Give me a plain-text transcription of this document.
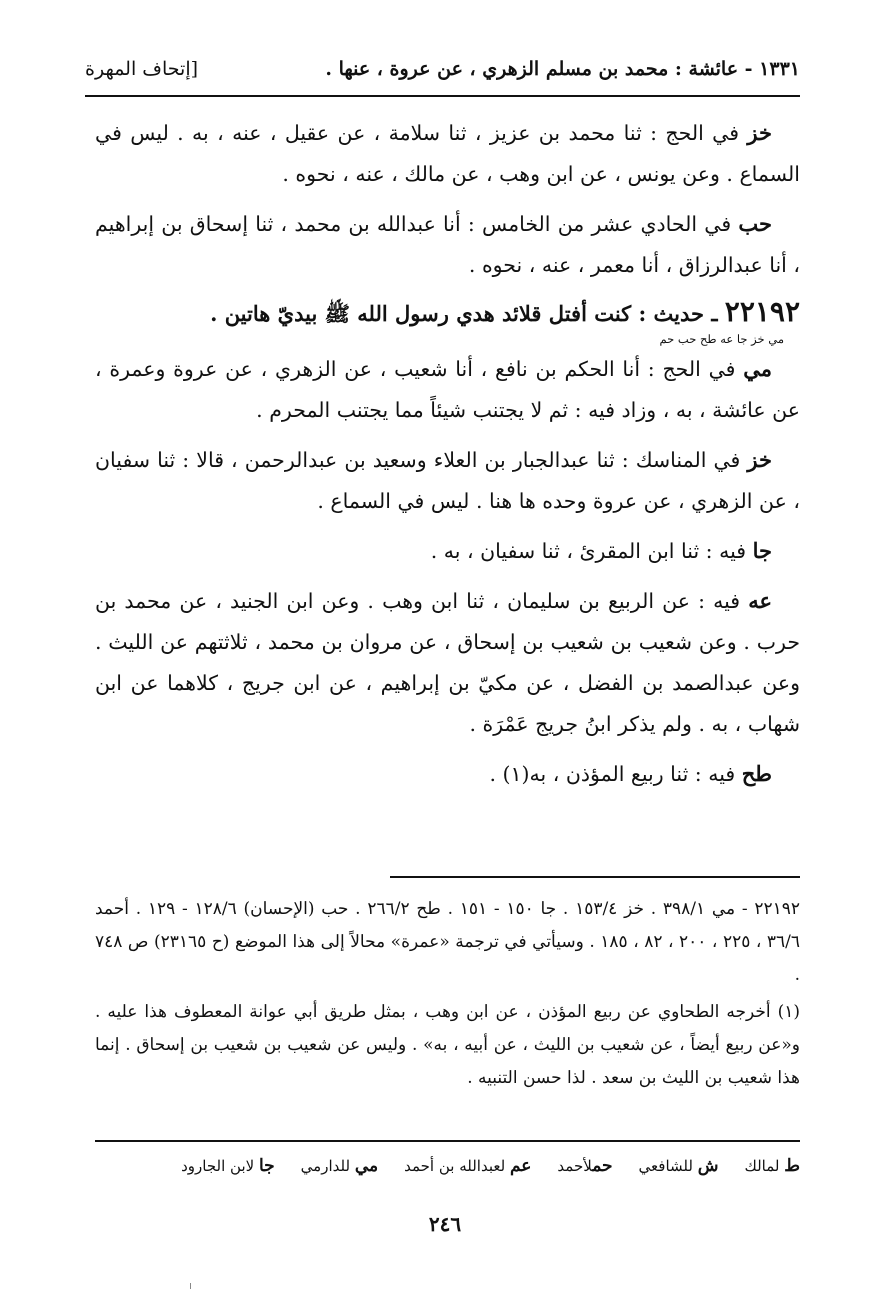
١٣٣١ - عائشة : محمد بن مسلم الزهري ، عن عروة ، عنها .
[إتحاف المهرة

خز في الحج : ثنا محمد بن عزيز ، ثنا سلامة ، عن عقيل ، عنه ، به . ليس في السماع . وعن يونس ، عن ابن وهب ، عن مالك ، عنه ، نحوه .

حب في الحادي عشر من الخامس : أنا عبدالله بن محمد ، ثنا إسحاق بن إبراهيم ، أنا عبدالرزاق ، أنا معمر ، عنه ، نحوه .

٢٢١٩٢ ـ حديث : كنت أفتل قلائد هدي رسول الله ﷺ بيديّ هاتين .

مي خز جا عه طح حب حم

مي في الحج : أنا الحكم بن نافع ، أنا شعيب ، عن الزهري ، عن عروة وعمرة ، عن عائشة ، به ، وزاد فيه : ثم لا يجتنب شيئاً مما يجتنب المحرم .

خز في المناسك : ثنا عبدالجبار بن العلاء وسعيد بن عبدالرحمن ، قالا : ثنا سفيان ، عن الزهري ، عن عروة وحده ها هنا . ليس في السماع .

جا فيه : ثنا ابن المقرئ ، ثنا سفيان ، به .

عه فيه : عن الربيع بن سليمان ، ثنا ابن وهب . وعن ابن الجنيد ، عن محمد بن حرب . وعن شعيب بن شعيب بن إسحاق ، عن مروان بن محمد ، ثلاثتهم عن الليث . وعن عبدالصمد بن الفضل ، عن مكيّ بن إبراهيم ، عن ابن جريج ، كلاهما عن ابن شهاب ، به . ولم يذكر ابنُ جريج عَمْرَة .

طح فيه : ثنا ربيع المؤذن ، به(١) .

٢٢١٩٢ - مي ٣٩٨/١ . خز ١٥٣/٤ . جا ١٥٠ - ١٥١ . طح ٢٦٦/٢ . حب (الإحسان) ١٢٨/٦ - ١٢٩ . أحمد ٣٦/٦ ، ٢٢٥ ، ٢٠٠ ، ٨٢ ، ١٨٥ . وسيأتي في ترجمة «عمرة» محالاً إلى هذا الموضع (ح ٢٣١٦٥) ص ٧٤٨ .

(١) أخرجه الطحاوي عن ربيع المؤذن ، عن ابن وهب ، بمثل طريق أبي عوانة المعطوف هذا عليه . و«عن ربيع أيضاً ، عن شعيب بن الليث ، عن أبيه ، به» . وليس عن شعيب بن شعيب بن إسحاق . إنما هذا شعيب بن الليث بن سعد . لذا حسن التنبيه .

ط لمالك
ش للشافعي
حملأحمد
عم لعبدالله بن أحمد
مي للدارمي
جا لابن الجارود
٢٤٦
